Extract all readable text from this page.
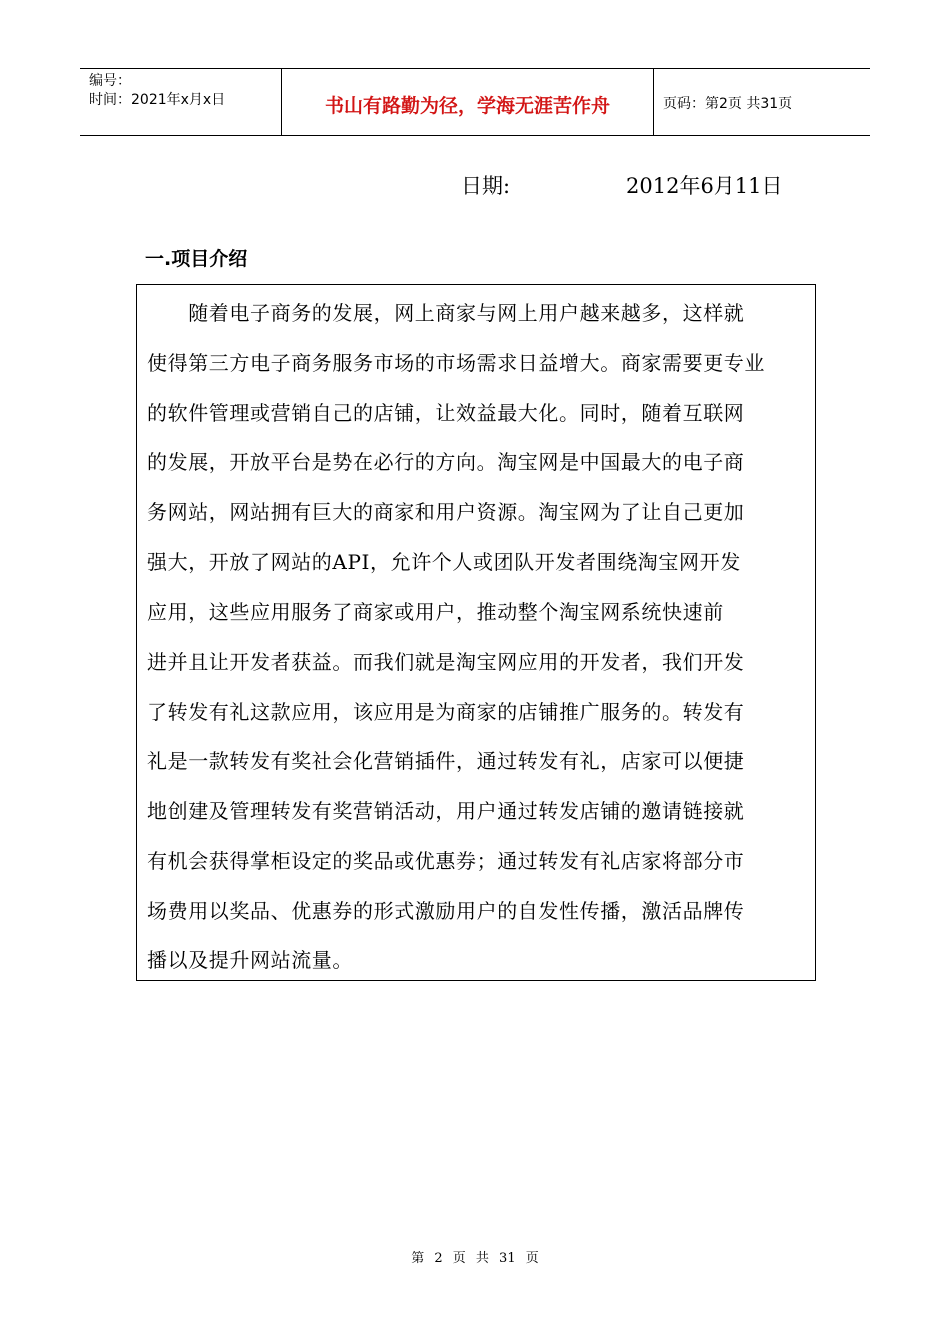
编号：
时间：2021年x月x日	书山有路勤为径，学海无涯苦作舟	页码：第2页 共31页
日期:	2012年6月11日
一.项目介绍
　　随着电子商务的发展，网上商家与网上用户越来越多，这样就
使得第三方电子商务服务市场的市场需求日益增大。商家需要更专业
的软件管理或营销自己的店铺，让效益最大化。同时，随着互联网
的发展，开放平台是势在必行的方向。淘宝网是中国最大的电子商
务网站，网站拥有巨大的商家和用户资源。淘宝网为了让自己更加
强大，开放了网站的API，允许个人或团队开发者围绕淘宝网开发
应用，这些应用服务了商家或用户，推动整个淘宝网系统快速前
进并且让开发者获益。而我们就是淘宝网应用的开发者，我们开发
了转发有礼这款应用，该应用是为商家的店铺推广服务的。转发有
礼是一款转发有奖社会化营销插件，通过转发有礼，店家可以便捷
地创建及管理转发有奖营销活动，用户通过转发店铺的邀请链接就
有机会获得掌柜设定的奖品或优惠券；通过转发有礼店家将部分市
场费用以奖品、优惠券的形式激励用户的自发性传播，激活品牌传
播以及提升网站流量。
第 2 页 共 31 页
